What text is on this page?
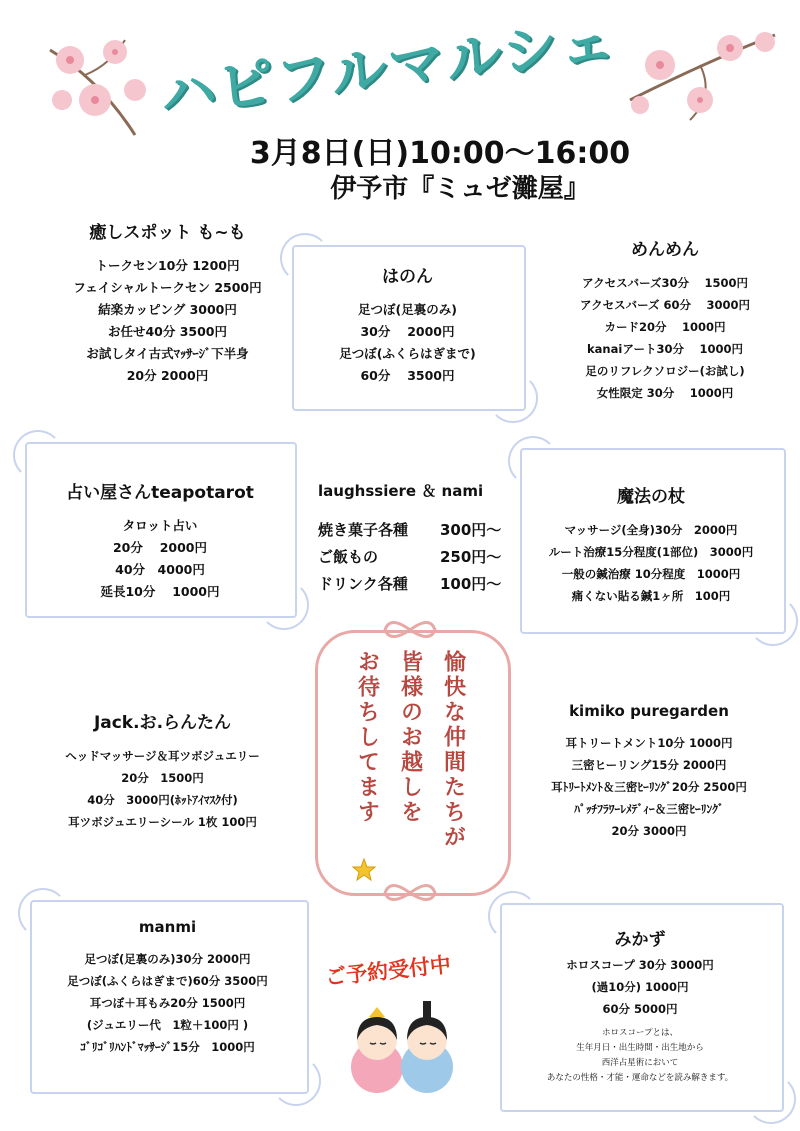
ハピフルマルシェ
3月8日(日)10:00〜16:00
伊予市『ミュゼ灘屋』
癒しスポット も~も
トークセン10分 1200円
フェイシャルトークセン 2500円
結楽カッピング 3000円
お任せ40分 3500円
お試しタイ古式ﾏｯｻｰｼﾞ下半身
20分 2000円
はのん
足つぼ(足裏のみ)
30分　 2000円
足つぼ(ふくらはぎまで)
60分　 3500円
めんめん
アクセスバーズ30分　 1500円
アクセスバーズ 60分　 3000円
カード20分　 1000円
kanaiアート30分　 1000円
足のリフレクソロジー(お試し)
女性限定 30分　 1000円
占い屋さんteapotarot
タロット占い
20分　 2000円
40分　4000円
延長10分　 1000円
laughssiere ＆ nami
焼き菓子各種	300円〜
ご飯もの	250円〜
ドリンク各種	100円〜
魔法の杖
マッサージ(全身)30分　2000円
ルート治療15分程度(1部位)　3000円
一般の鍼治療 10分程度　1000円
痛くない貼る鍼1ヶ所　100円
愉快な仲間たちが
皆様のお越しを
お待ちしてます
Jack.お.らんたん
ヘッドマッサージ＆耳ツボジュエリー
20分　1500円
40分　3000円(ﾎｯﾄｱｲﾏｽｸ付)
耳ツボジュエリーシール 1枚 100円
kimiko puregarden
耳トリートメント10分 1000円
三密ヒーリング15分 2000円
耳ﾄﾘｰﾄﾒﾝﾄ＆三密ﾋｰﾘﾝｸﾞ20分 2500円
ﾊﾟｯﾁﾌﾗﾜｰﾚﾒﾃﾞｨｰ＆三密ﾋｰﾘﾝｸﾞ
20分 3000円
manmi
足つぼ(足裏のみ)30分 2000円
足つぼ(ふくらはぎまで)60分 3500円
耳つぼ＋耳もみ20分 1500円
(ジュエリー代　1粒＋100円 )
ｺﾞﾘｺﾞﾘﾊﾝﾄﾞﾏｯｻｰｼﾞ15分　1000円
ご予約受付中
みかず
ホロスコープ 30分 3000円
(過10分) 1000円
60分 5000円
ホロスコープとは、
生年月日・出生時間・出生地から
西洋占星術において
あなたの性格・才能・運命などを読み解きます。
